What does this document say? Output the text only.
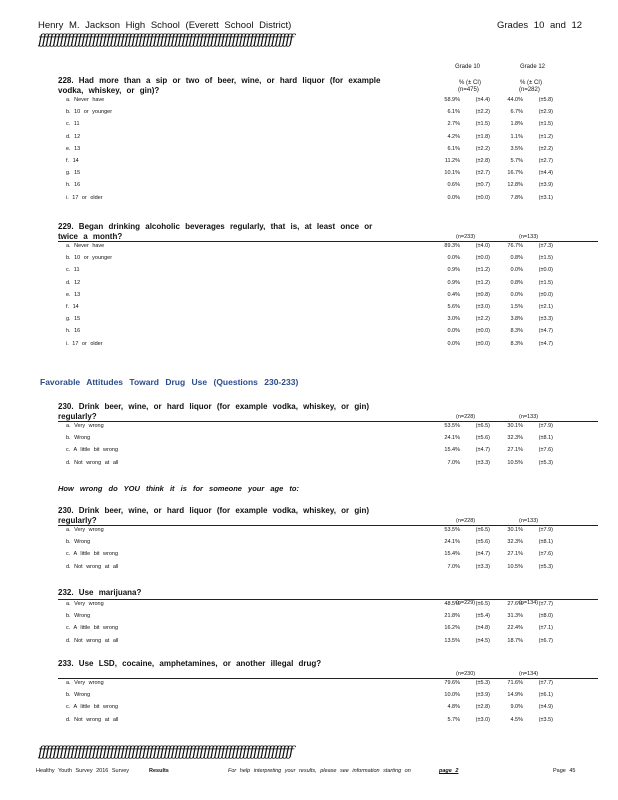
Henry M. Jackson High School (Everett School District)	Grades 10 and 12
ƒƒƒƒƒƒƒƒƒƒƒƒƒƒƒƒƒƒƒƒƒƒƒƒƒƒƒƒƒƒƒƒƒƒƒƒƒƒƒƒƒƒƒƒƒƒƒƒƒƒƒƒƒƒƒƒƒƒƒƒƒƒƒƒƒƒƒƒƒƒƒ
Grade 10	Grade 12
% (± CI)	% (± CI)
(n=475)	(n=282)
228. Had more than a sip or two of beer, wine, or hard liquor (for example vodka, whiskey, or gin)?
a. Never have	58.9%	(±4.4)	44.0%	(±5.8)
b. 10 or younger	6.1%	(±2.2)	6.7%	(±2.9)
c. 11	2.7%	(±1.5)	1.8%	(±1.5)
d. 12	4.2%	(±1.8)	1.1%	(±1.2)
e. 13	6.1%	(±2.2)	3.5%	(±2.2)
f. 14	11.2%	(±2.8)	5.7%	(±2.7)
g. 15	10.1%	(±2.7)	16.7%	(±4.4)
h. 16	0.6%	(±0.7)	12.8%	(±3.9)
i. 17 or older	0.0%	(±0.0)	7.8%	(±3.1)
229. Began drinking alcoholic beverages regularly, that is, at least once or twice a month?	(n=233)	(n=133)
a. Never have	89.3%	(±4.0)	76.7%	(±7.3)
b. 10 or younger	0.0%	(±0.0)	0.8%	(±1.5)
c. 11	0.9%	(±1.2)	0.0%	(±0.0)
d. 12	0.9%	(±1.2)	0.8%	(±1.5)
e. 13	0.4%	(±0.8)	0.0%	(±0.0)
f. 14	5.6%	(±3.0)	1.5%	(±2.1)
g. 15	3.0%	(±2.2)	3.8%	(±3.3)
h. 16	0.0%	(±0.0)	8.3%	(±4.7)
i. 17 or older	0.0%	(±0.0)	8.3%	(±4.7)
Favorable Attitudes Toward Drug Use (Questions 230-233)
230. Drink beer, wine, or hard liquor (for example vodka, whiskey, or gin) regularly?	(n=228)	(n=133)
a. Very wrong	53.5%	(±6.5)	30.1%	(±7.9)
b. Wrong	24.1%	(±5.6)	32.3%	(±8.1)
c. A little bit wrong	15.4%	(±4.7)	27.1%	(±7.6)
d. Not wrong at all	7.0%	(±3.3)	10.5%	(±5.3)
How wrong do YOU think it is for someone your age to:
230. Drink beer, wine, or hard liquor (for example vodka, whiskey, or gin) regularly?	(n=228)	(n=133)
a. Very wrong	53.5%	(±6.5)	30.1%	(±7.9)
b. Wrong	24.1%	(±5.6)	32.3%	(±8.1)
c. A little bit wrong	15.4%	(±4.7)	27.1%	(±7.6)
d. Not wrong at all	7.0%	(±3.3)	10.5%	(±5.3)
232. Use marijuana?
(n=229)	(n=134)
a. Very wrong	48.5%	(±6.5)	27.6%	(±7.7)
b. Wrong	21.8%	(±5.4)	31.3%	(±8.0)
c. A little bit wrong	16.2%	(±4.8)	22.4%	(±7.1)
d. Not wrong at all	13.5%	(±4.5)	18.7%	(±6.7)
233. Use LSD, cocaine, amphetamines, or another illegal drug?
(n=230)	(n=134)
a. Very wrong	79.6%	(±5.3)	71.6%	(±7.7)
b. Wrong	10.0%	(±3.9)	14.9%	(±6.1)
c. A little bit wrong	4.8%	(±2.8)	9.0%	(±4.9)
d. Not wrong at all	5.7%	(±3.0)	4.5%	(±3.5)
ƒƒƒƒƒƒƒƒƒƒƒƒƒƒƒƒƒƒƒƒƒƒƒƒƒƒƒƒƒƒƒƒƒƒƒƒƒƒƒƒƒƒƒƒƒƒƒƒƒƒƒƒƒƒƒƒƒƒƒƒƒƒƒƒƒƒƒƒƒƒƒ
Healthy Youth Survey 2016 Survey	Results	For help interpreting your results, please see information starting on	page 2	Page 45
